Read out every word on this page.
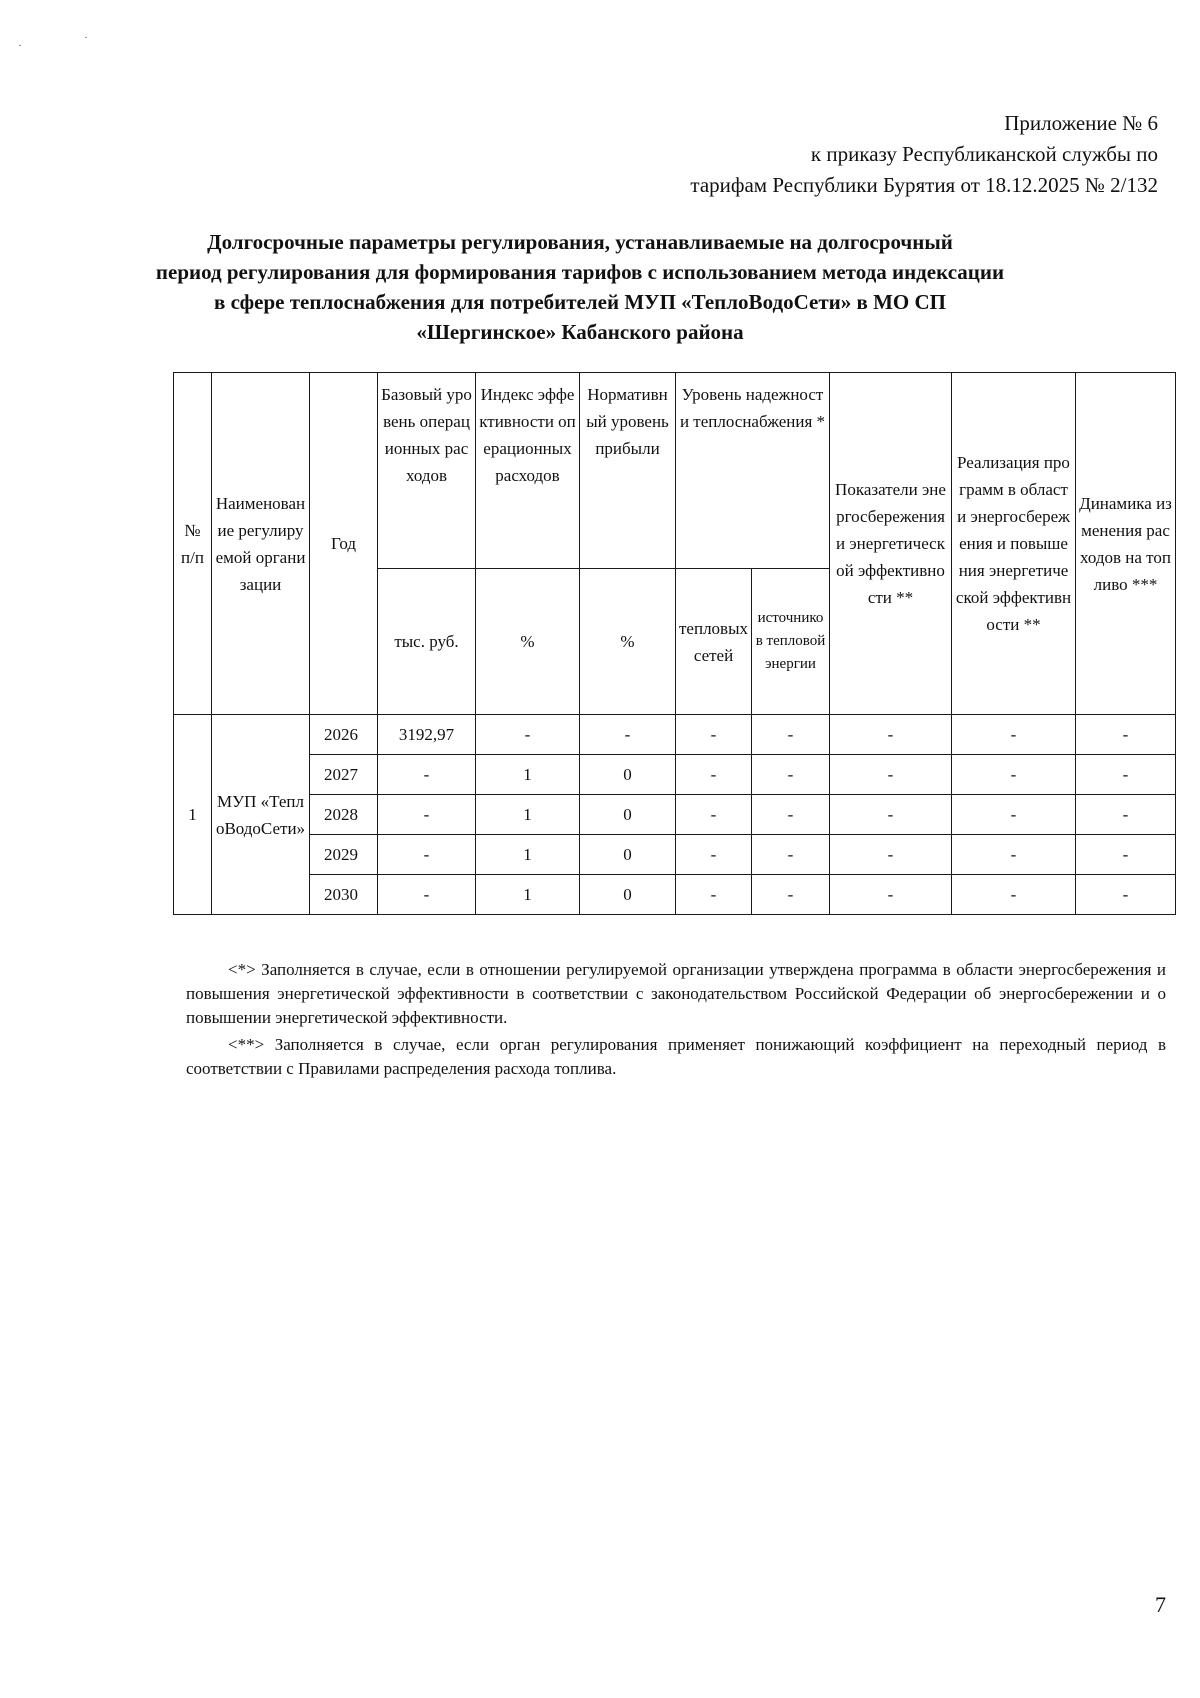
·
·
Приложение № 6
к приказу Республиканской службы по
тарифам Республики Бурятия от 18.12.2025 № 2/132
Долгосрочные параметры регулирования, устанавливаемые на долгосрочный
период регулирования для формирования тарифов с использованием метода индексации
в сфере теплоснабжения для потребителей МУП «ТеплоВодоСети» в МО СП
«Шергинское» Кабанского района
№ п/п	Наименование регулируемой организации	Год	Базовый уровень операционных расходов	Индекс эффективности операционных расходов	Нормативный уровень прибыли	Уровень надежности теплоснабжения *		Показатели энергосбережения и энергетической эффективности **	Реализация программ в области энергосбережения и повышения энергетической эффективности **	Динамика изменения расходов на топливо ***
			тыс. руб.	%	%	тепловых сетей	источников тепловой энергии			
1	МУП «ТеплоВодоСети»	2026	3192,97	-	-	-	-	-	-	-
		2027	-	1	0	-	-	-	-	-
		2028	-	1	0	-	-	-	-	-
		2029	-	1	0	-	-	-	-	-
		2030	-	1	0	-	-	-	-	-

<*> Заполняется в случае, если в отношении регулируемой организации утверждена программа в области энергосбережения и повышения энергетической эффективности в соответствии с законодательством Российской Федерации об энергосбережении и о повышении энергетической эффективности.

<**> Заполняется в случае, если орган регулирования применяет понижающий коэффициент на переходный период в соответствии с Правилами распределения расхода топлива.

7
